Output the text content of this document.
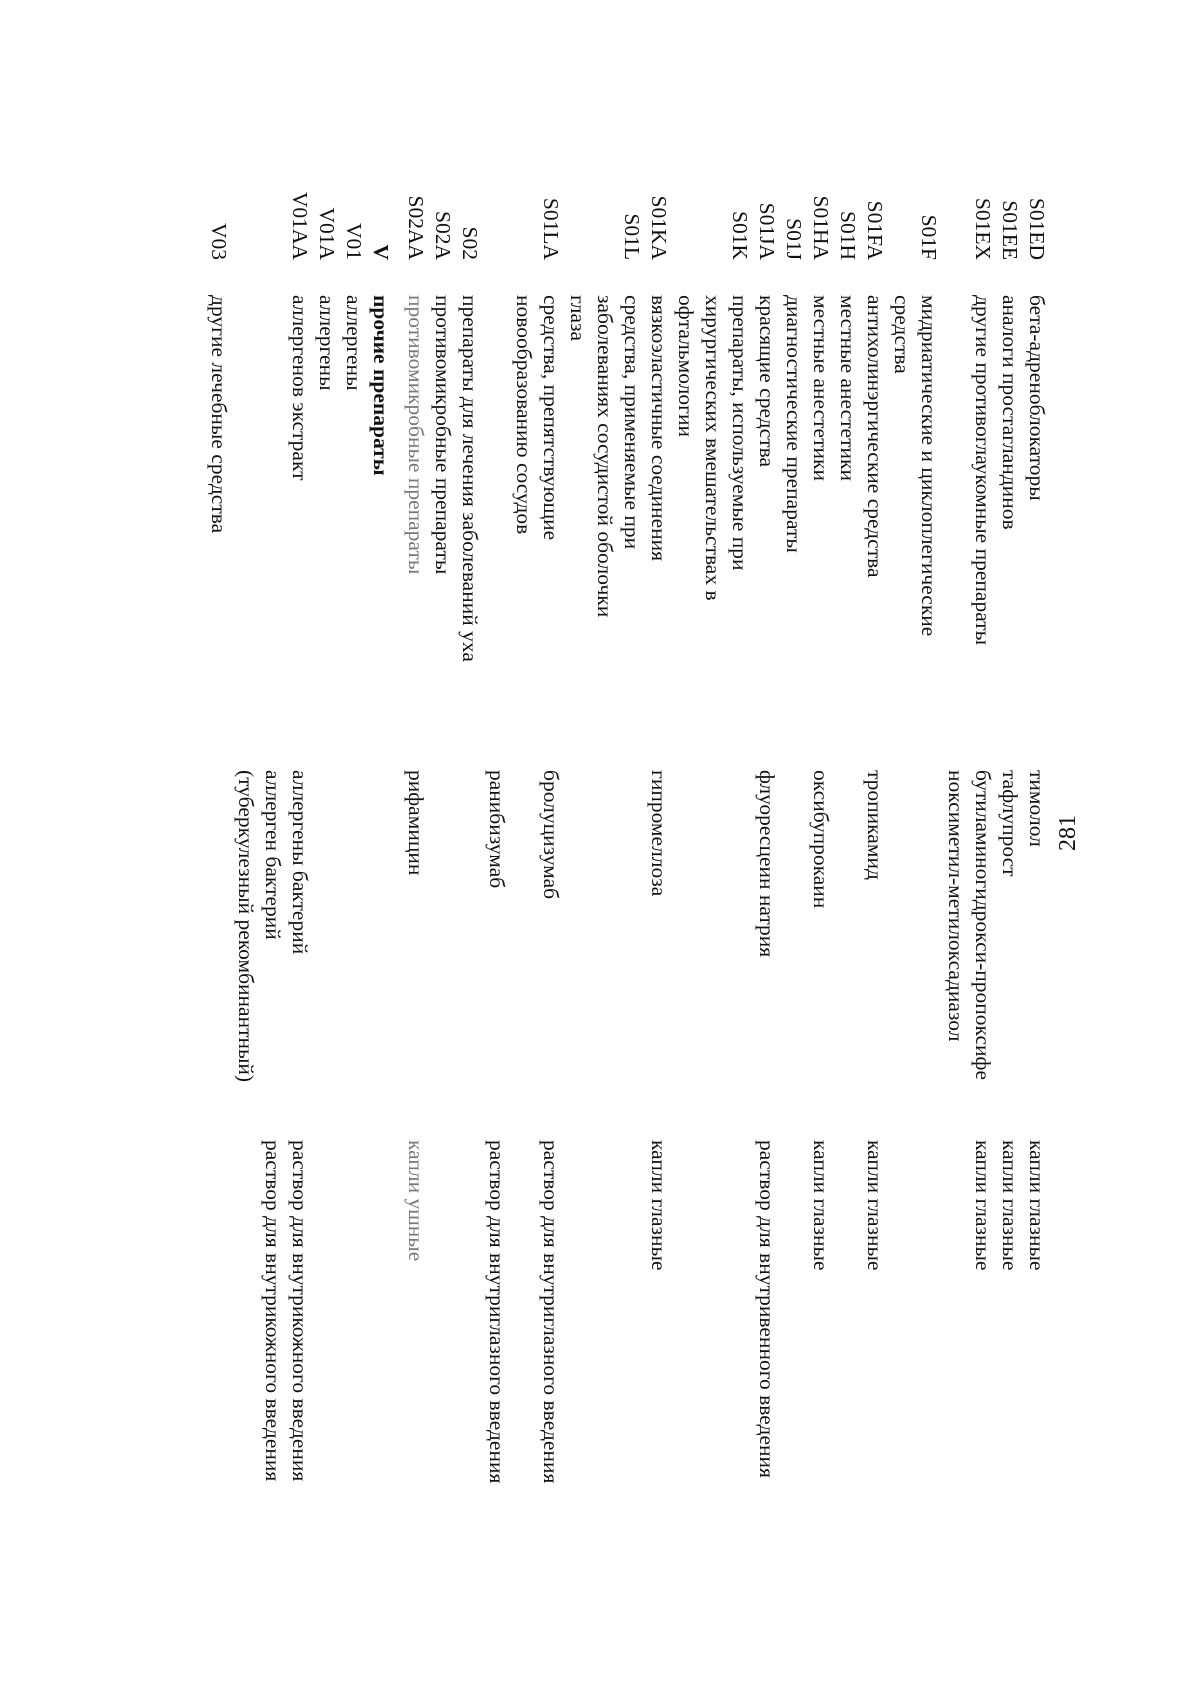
281
S01ED
бета-адреноблокаторы
тимолол
капли глазные
S01EE
аналоги простагландинов
тафлупрост
капли глазные
S01EX
другие противоглаукомные препараты
бутиламиногидрокси-пропоксифе
капли глазные
ноксиметил-метилоксадиазол
S01F
мидриатические и циклоплегические
средства
S01FA
антихолинэргические средства
тропикамид
капли глазные
S01H
местные анестетики
S01HA
местные анестетики
оксибупрокаин
капли глазные
S01J
диагностические препараты
S01JA
красящие средства
флуоресцеин натрия
раствор для внутривенного введения
S01K
препараты, используемые при
хирургических вмешательствах в
офтальмологии
S01KA
вязкоэластичные соединения
гипромеллоза
капли глазные
S01L
средства, применяемые при
заболеваниях сосудистой оболочки
глаза
S01LA
средства, препятствующие
бролуцизумаб
раствор для внутриглазного введения
новообразованию сосудов
ранибизумаб
раствор для внутриглазного введения
S02
препараты для лечения заболеваний уха
S02A
противомикробные препараты
S02AA
противомикробные препараты
рифамицин
капли ушные
V
прочие препараты
V01
аллергены
V01A
аллергены
V01AA
аллергенов экстракт
аллергены бактерий
раствор для внутрикожного введения
аллерген бактерий
раствор для внутрикожного введения
(туберкулезный рекомбинантный)
V03
другие лечебные средства
